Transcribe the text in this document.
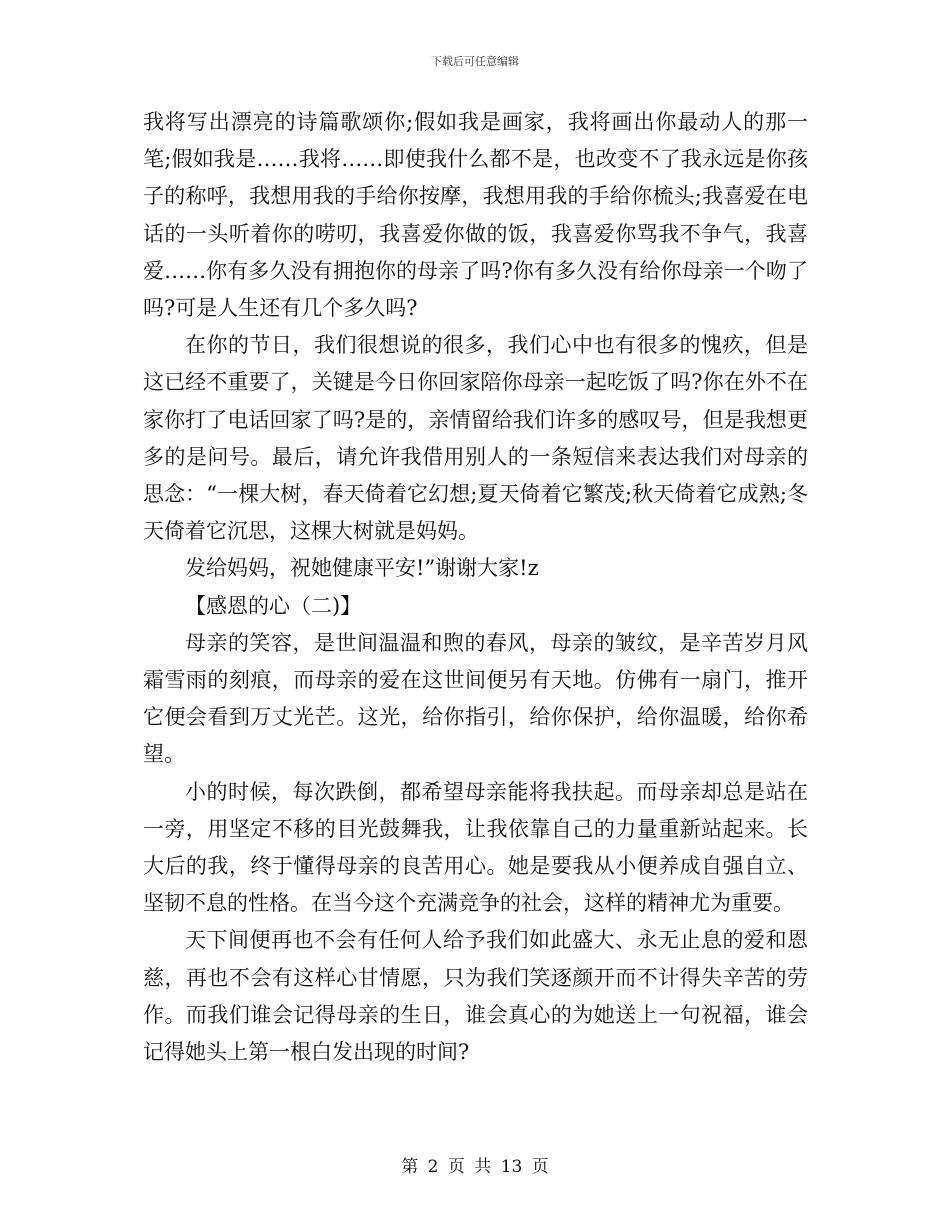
下载后可任意编辑

我将写出漂亮的诗篇歌颂你;假如我是画家，我将画出你最动人的那一笔;假如我是……我将……即使我什么都不是，也改变不了我永远是你孩子的称呼，我想用我的手给你按摩，我想用我的手给你梳头;我喜爱在电话的一头听着你的唠叨，我喜爱你做的饭，我喜爱你骂我不争气，我喜爱……你有多久没有拥抱你的母亲了吗?你有多久没有给你母亲一个吻了吗?可是人生还有几个多久吗?

在你的节日，我们很想说的很多，我们心中也有很多的愧疚，但是这已经不重要了，关键是今日你回家陪你母亲一起吃饭了吗?你在外不在家你打了电话回家了吗?是的，亲情留给我们许多的感叹号，但是我想更多的是问号。最后，请允许我借用别人的一条短信来表达我们对母亲的思念：“一棵大树，春天倚着它幻想;夏天倚着它繁茂;秋天倚着它成熟;冬天倚着它沉思，这棵大树就是妈妈。

发给妈妈，祝她健康平安!”谢谢大家!z

【感恩的心（二)】

母亲的笑容，是世间温温和煦的春风，母亲的皱纹，是辛苦岁月风霜雪雨的刻痕，而母亲的爱在这世间便另有天地。仿佛有一扇门，推开它便会看到万丈光芒。这光，给你指引，给你保护，给你温暖，给你希望。

小的时候，每次跌倒，都希望母亲能将我扶起。而母亲却总是站在一旁，用坚定不移的目光鼓舞我，让我依靠自己的力量重新站起来。长大后的我，终于懂得母亲的良苦用心。她是要我从小便养成自强自立、坚韧不息的性格。在当今这个充满竞争的社会，这样的精神尤为重要。

天下间便再也不会有任何人给予我们如此盛大、永无止息的爱和恩慈，再也不会有这样心甘情愿，只为我们笑逐颜开而不计得失辛苦的劳作。而我们谁会记得母亲的生日，谁会真心的为她送上一句祝福，谁会记得她头上第一根白发出现的时间?

第 2 页 共 13 页
